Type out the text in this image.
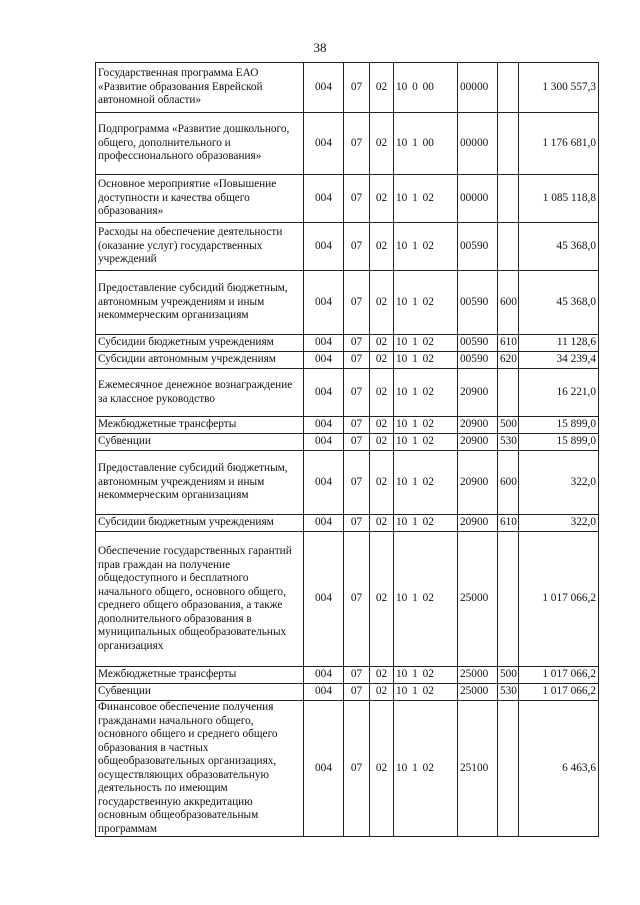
38
Государственная программа ЕАО «Развитие образования Еврейской автономной области»	004	07	02	10 0 00	00000		1 300 557,3
Подпрограмма «Развитие дошкольного, общего, дополнительного и профессионального образования»	004	07	02	10 1 00	00000		1 176 681,0
Основное мероприятие «Повышение доступности и качества общего образования»	004	07	02	10 1 02	00000		1 085 118,8
Расходы на обеспечение деятельности (оказание услуг) государственных учреждений	004	07	02	10 1 02	00590		45 368,0
Предоставление субсидий бюджетным, автономным учреждениям и иным некоммерческим организациям	004	07	02	10 1 02	00590	600	45 368,0
Субсидии бюджетным учреждениям	004	07	02	10 1 02	00590	610	11 128,6
Субсидии автономным учреждениям	004	07	02	10 1 02	00590	620	34 239,4
Ежемесячное денежное вознаграждение за классное руководство	004	07	02	10 1 02	20900		16 221,0
Межбюджетные трансферты	004	07	02	10 1 02	20900	500	15 899,0
Субвенции	004	07	02	10 1 02	20900	530	15 899,0
Предоставление субсидий бюджетным, автономным учреждениям и иным некоммерческим организациям	004	07	02	10 1 02	20900	600	322,0
Субсидии бюджетным учреждениям	004	07	02	10 1 02	20900	610	322,0
Обеспечение государственных гарантий прав граждан на получение общедоступного и бесплатного начального общего, основного общего, среднего общего образования, а также дополнительного образования в муниципальных общеобразовательных организациях	004	07	02	10 1 02	25000		1 017 066,2
Межбюджетные трансферты	004	07	02	10 1 02	25000	500	1 017 066,2
Субвенции	004	07	02	10 1 02	25000	530	1 017 066,2
Финансовое обеспечение получения гражданами начального общего, основного общего и среднего общего образования в частных общеобразовательных организациях, осуществляющих образовательную деятельность по имеющим государственную аккредитацию основным общеобразовательным программам	004	07	02	10 1 02	25100		6 463,6
